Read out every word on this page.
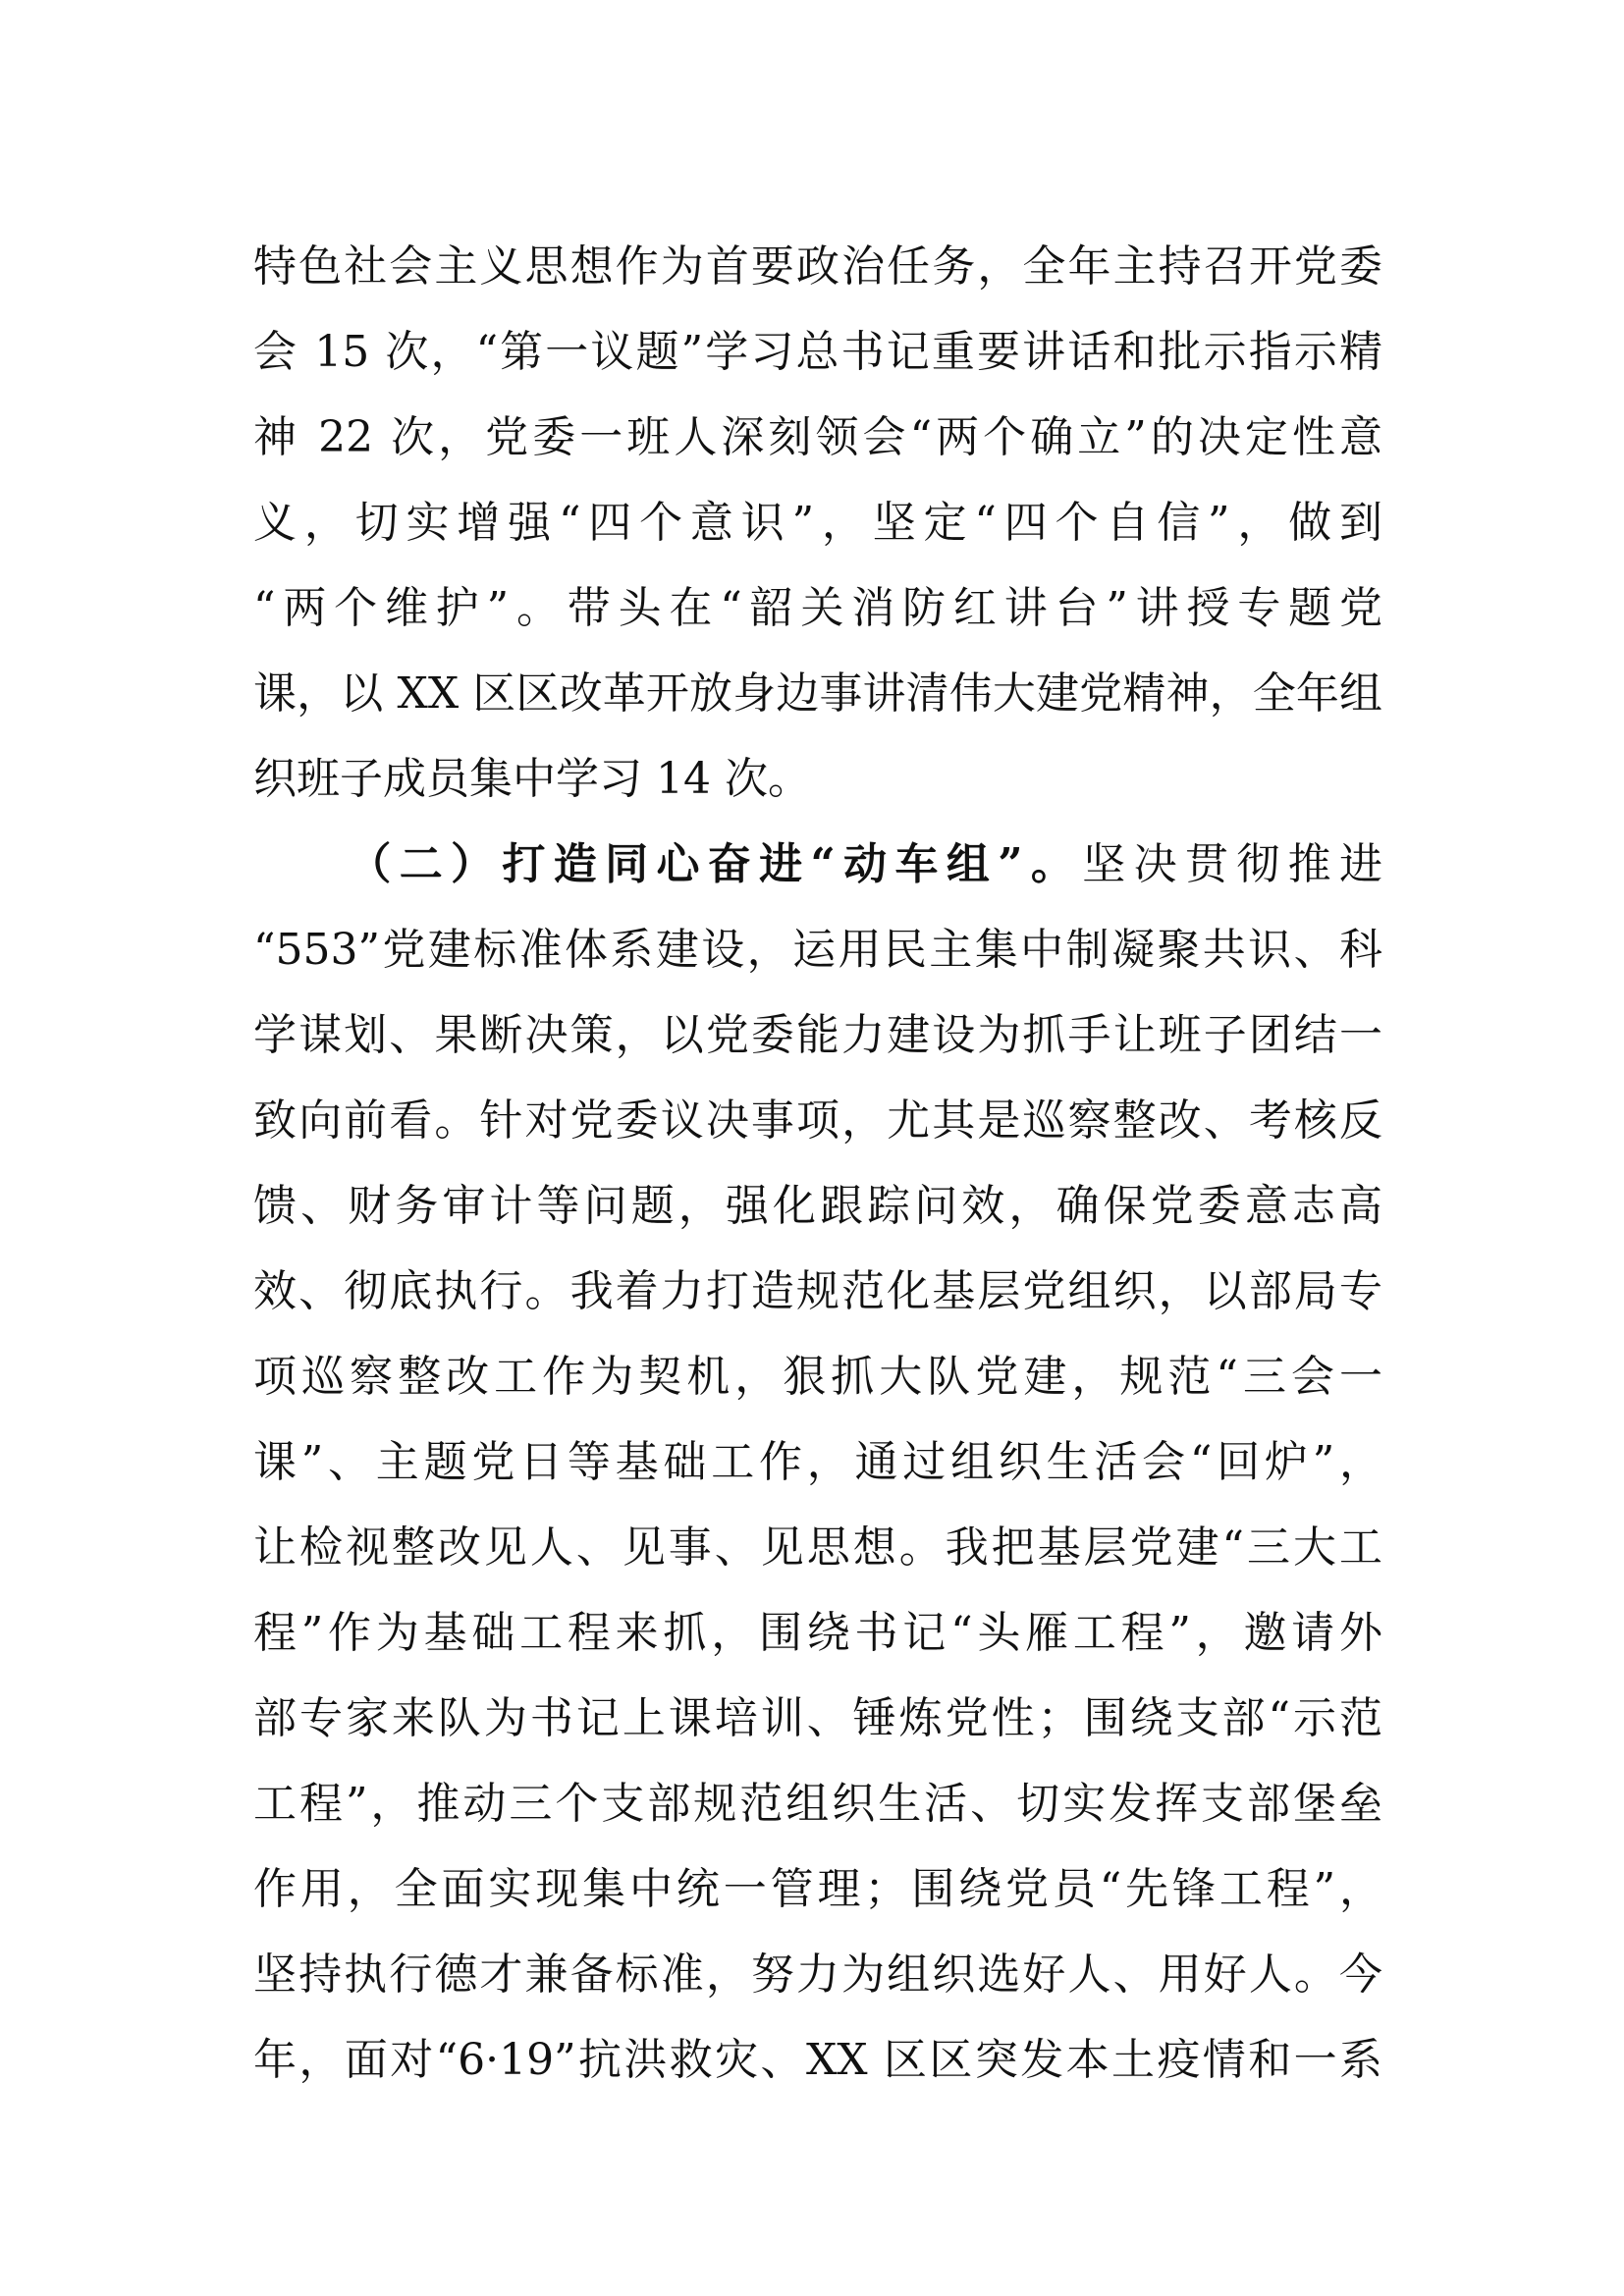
特色社会主义思想作为首要政治任务，全年主持召开党委
会 15 次，“第一议题”学习总书记重要讲话和批示指示精
神 22 次，党委一班人深刻领会“两个确立”的决定性意
义，切实增强“四个意识”，坚定“四个自信”，做到
“两个维护”。带头在“韶关消防红讲台”讲授专题党
课，以 XX 区区改革开放身边事讲清伟大建党精神，全年组
织班子成员集中学习 14 次。
（二）打造同心奋进“动车组”。坚决贯彻推进
“553”党建标准体系建设，运用民主集中制凝聚共识、科
学谋划、果断决策，以党委能力建设为抓手让班子团结一
致向前看。针对党委议决事项，尤其是巡察整改、考核反
馈、财务审计等问题，强化跟踪问效，确保党委意志高
效、彻底执行。我着力打造规范化基层党组织，以部局专
项巡察整改工作为契机，狠抓大队党建，规范“三会一
课”、主题党日等基础工作，通过组织生活会“回炉”，
让检视整改见人、见事、见思想。我把基层党建“三大工
程”作为基础工程来抓，围绕书记“头雁工程”，邀请外
部专家来队为书记上课培训、锤炼党性；围绕支部“示范
工程”，推动三个支部规范组织生活、切实发挥支部堡垒
作用，全面实现集中统一管理；围绕党员“先锋工程”，
坚持执行德才兼备标准，努力为组织选好人、用好人。今
年，面对“6·19”抗洪救灾、XX 区区突发本土疫情和一系
